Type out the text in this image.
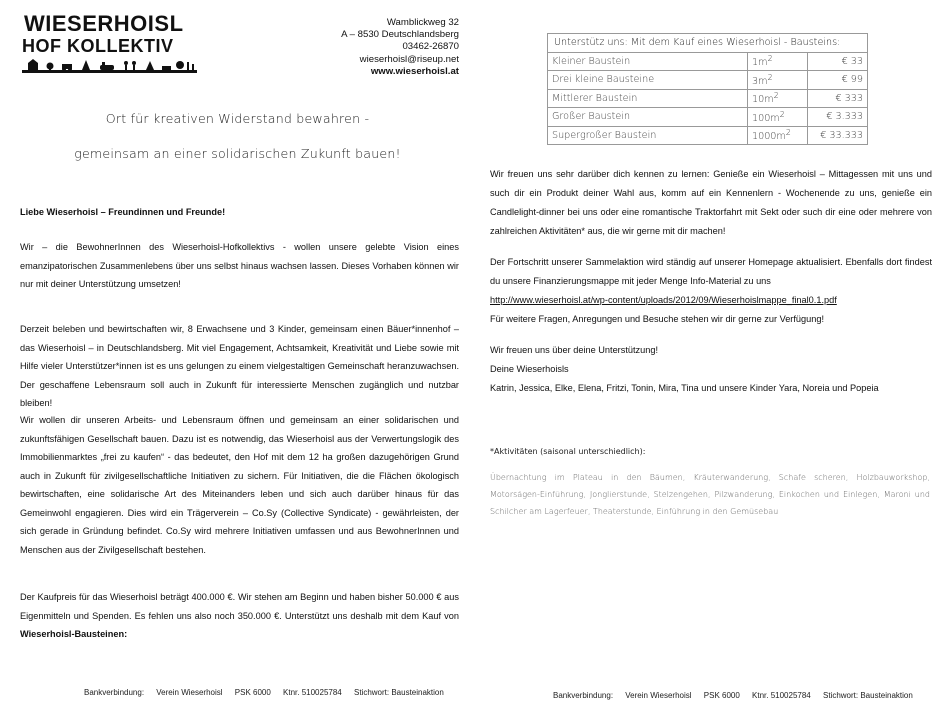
WIESERHOISL
HOF KOLLEKTIV
Wamblickweg 32
A – 8530 Deutschlandsberg
03462-26870
wieserhoisl@riseup.net
www.wieserhoisl.at
Ort für kreativen Widerstand bewahren -
gemeinsam an einer solidarischen Zukunft bauen!
Liebe Wieserhoisl – Freundinnen und Freunde!
Wir – die BewohnerInnen des Wieserhoisl-Hofkollektivs - wollen unsere gelebte Vision eines emanzipatorischen Zusammenlebens über uns selbst hinaus wachsen lassen. Dieses Vorhaben können wir nur mit deiner Unterstützung umsetzen!
Derzeit beleben und bewirtschaften wir, 8 Erwachsene und 3 Kinder, gemeinsam einen Bäuer*innenhof – das Wieserhoisl – in Deutschlandsberg. Mit viel Engagement, Achtsamkeit, Kreativität und Liebe sowie mit Hilfe vieler Unterstützer*innen ist es uns gelungen zu einem vielgestaltigen Gemeinschaft heranzuwachsen. Der geschaffene Lebensraum soll auch in Zukunft für interessierte Menschen zugänglich und nutzbar bleiben!
Wir wollen dir unseren Arbeits- und Lebensraum öffnen und gemeinsam an einer solidarischen und zukunftsfähigen Gesellschaft bauen. Dazu ist es notwendig, das Wieserhoisl aus der Verwertungslogik des Immobilienmarktes „frei zu kaufen“ - das bedeutet, den Hof mit dem 12 ha großen dazugehörigen Grund auch in Zukunft für zivilgesellschaftliche Initiativen zu sichern. Für Initiativen, die die Flächen ökologisch bewirtschaften, eine solidarische Art des Miteinanders leben und sich auch darüber hinaus für das Gemeinwohl engagieren. Dies wird ein Trägerverein – Co.Sy (Collective Syndicate) - gewährleisten, der sich gerade in Gründung befindet. Co.Sy wird mehrere Initiativen umfassen und aus BewohnerInnen und Menschen aus der Zivilgesellschaft bestehen.
Der Kaufpreis für das Wieserhoisl beträgt 400.000 €. Wir stehen am Beginn und haben bisher 50.000 € aus Eigenmitteln und Spenden. Es fehlen uns also noch 350.000 €. Unterstützt uns deshalb mit dem Kauf von Wieserhoisl-Bausteinen:
Bankverbindung: Verein Wieserhoisl PSK 6000 Ktnr. 510025784 Stichwort: Bausteinaktion
Unterstütz uns: Mit dem Kauf eines Wieserhoisl - Bausteins:		
Kleiner Baustein	$1m^2$	€ 33
Drei kleine Bausteine	$3m^2$	€ 99
Mittlerer Baustein	$10m^2$	€ 333
Großer Baustein	$100m^2$	€ 3.333
Supergroßer Baustein	$1000m^2$	€ 33.333
Wir freuen uns sehr darüber dich kennen zu lernen: Genieße ein Wieserhoisl – Mittagessen mit uns und such dir ein Produkt deiner Wahl aus, komm auf ein Kennenlern - Wochenende zu uns, genieße ein Candlelight-dinner bei uns oder eine romantische Traktorfahrt mit Sekt oder such dir eine oder mehrere von zahlreichen Aktivitäten* aus, die wir gerne mit dir machen!
Der Fortschritt unserer Sammelaktion wird ständig auf unserer Homepage aktualisiert. Ebenfalls dort findest du unsere Finanzierungsmappe mit jeder Menge Info-Material zu uns
http://www.wieserhoisl.at/wp-content/uploads/2012/09/Wieserhoislmappe_final0.1.pdf
Für weitere Fragen, Anregungen und Besuche stehen wir dir gerne zur Verfügung!
Wir freuen uns über deine Unterstützung!
Deine Wieserhoisls
Katrin, Jessica, Elke, Elena, Fritzi, Tonin, Mira, Tina und unsere Kinder Yara, Noreia und Popeia
*Aktivitäten (saisonal unterschiedlich):
Übernachtung im Plateau in den Bäumen, Kräuterwanderung, Schafe scheren, Holzbauworkshop, Motorsägen-Einführung, Jonglierstunde, Stelzengehen, Pilzwanderung, Einkochen und Einlegen, Maroni und Schilcher am Lagerfeuer, Theaterstunde, Einführung in den Gemüsebau
Bankverbindung: Verein Wieserhoisl PSK 6000 Ktnr. 510025784 Stichwort: Bausteinaktion
